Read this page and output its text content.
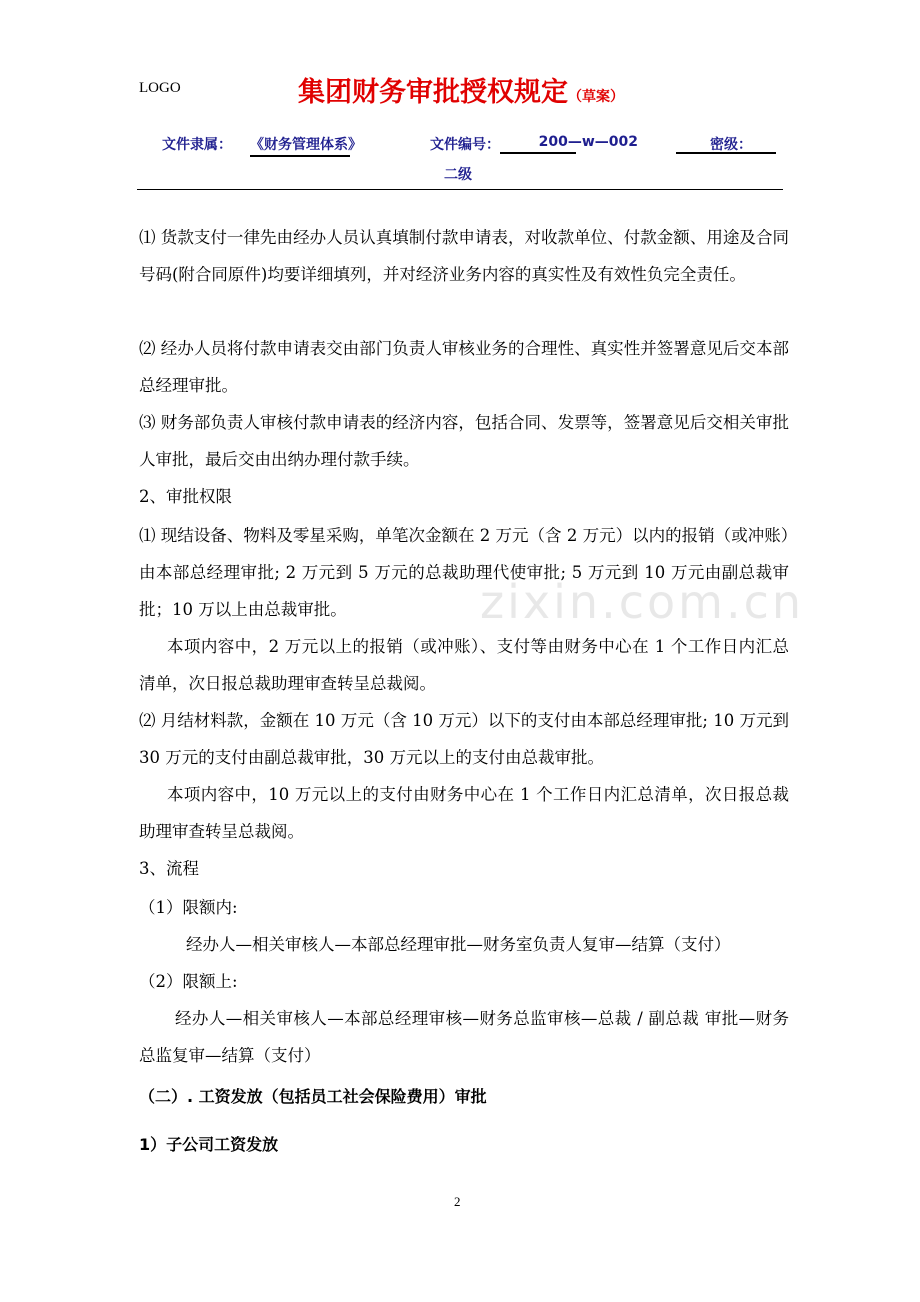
LOGO	集团财务审批授权规定（草案）
文件隶属： 《财务管理体系》	文件编号：	200—w—002	密级：
二级
zixin.com.cn
⑴ 货款支付一律先由经办人员认真填制付款申请表，对收款单位、付款金额、用途及合同号码(附合同原件)均要详细填列，并对经济业务内容的真实性及有效性负完全责任。
⑵ 经办人员将付款申请表交由部门负责人审核业务的合理性、真实性并签署意见后交本部总经理审批。
⑶ 财务部负责人审核付款申请表的经济内容，包括合同、发票等，签署意见后交相关审批人审批，最后交由出纳办理付款手续。
2、审批权限
⑴ 现结设备、物料及零星采购，单笔次金额在 2 万元（含 2 万元）以内的报销（或冲账）由本部总经理审批; 2 万元到 5 万元的总裁助理代使审批; 5 万元到 10 万元由副总裁审批；10 万以上由总裁审批。
本项内容中，2 万元以上的报销（或冲账）、支付等由财务中心在 1 个工作日内汇总清单，次日报总裁助理审查转呈总裁阅。
⑵ 月结材料款，金额在 10 万元（含 10 万元）以下的支付由本部总经理审批; 10 万元到 30 万元的支付由副总裁审批，30 万元以上的支付由总裁审批。
本项内容中，10 万元以上的支付由财务中心在 1 个工作日内汇总清单，次日报总裁助理审查转呈总裁阅。
3、流程
（1）限额内:
经办人—相关审核人—本部总经理审批—财务室负责人复审—结算（支付）
（2）限额上:
经办人—相关审核人—本部总经理审核—财务总监审核—总裁 / 副总裁 审批—财务总监复审—结算（支付）
（二）. 工资发放（包括员工社会保险费用）审批
1）子公司工资发放
2
